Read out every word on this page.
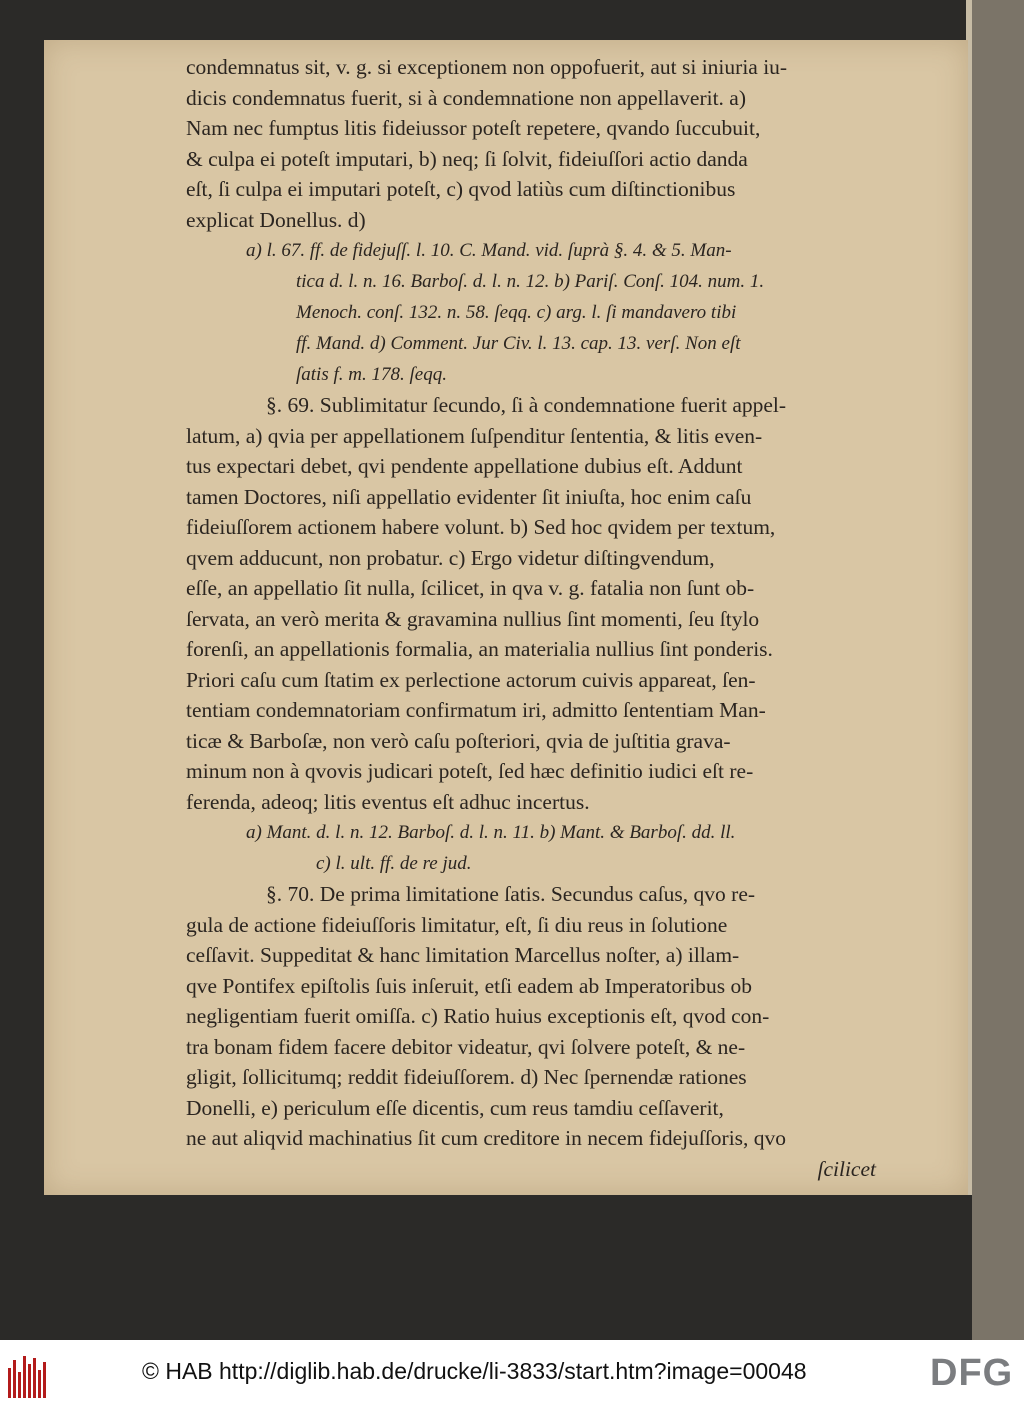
condemnatus sit, v. g. si exceptionem non oppofuerit, aut si iniuria iu-
dicis condemnatus fuerit, si à condemnatione non appellaverit. a)
Nam nec fumptus litis fideiussor poteſt repetere, qvando ſuccubuit,
& culpa ei poteſt imputari, b) neq; ſi ſolvit, fideiuſſori actio danda
eſt, ſi culpa ei imputari poteſt, c) qvod latiùs cum diſtinctionibus
explicat Donellus. d)
a) l. 67. ff. de fidejuſſ. l. 10. C. Mand. vid. ſuprà §. 4. & 5. Man-
tica d. l. n. 16. Barboſ. d. l. n. 12. b) Pariſ. Conſ. 104. num. 1.
Menoch. conſ. 132. n. 58. ſeqq. c) arg. l. ſi mandavero tibi
ff. Mand. d) Comment. Jur Civ. l. 13. cap. 13. verſ. Non eſt
ſatis f. m. 178. ſeqq.
§. 69. Sublimitatur ſecundo, ſi à condemnatione fuerit appel-
latum, a) qvia per appellationem ſuſpenditur ſententia, & litis even-
tus expectari debet, qvi pendente appellatione dubius eſt. Addunt
tamen Doctores, niſi appellatio evidenter ſit iniuſta, hoc enim caſu
fideiuſſorem actionem habere volunt. b) Sed hoc qvidem per textum,
qvem adducunt, non probatur. c) Ergo videtur diſtingvendum,
eſſe, an appellatio ſit nulla, ſcilicet, in qva v. g. fatalia non ſunt ob-
ſervata, an verò merita & gravamina nullius ſint momenti, ſeu ſtylo
forenſi, an appellationis formalia, an materialia nullius ſint ponderis.
Priori caſu cum ſtatim ex perlectione actorum cuivis appareat, ſen-
tentiam condemnatoriam confirmatum iri, admitto ſententiam Man-
ticæ & Barboſæ, non verò caſu poſteriori, qvia de juſtitia grava-
minum non à qvovis judicari poteſt, ſed hæc definitio iudici eſt re-
ferenda, adeoq; litis eventus eſt adhuc incertus.
a) Mant. d. l. n. 12. Barboſ. d. l. n. 11. b) Mant. & Barboſ. dd. ll.
c) l. ult. ff. de re jud.
§. 70. De prima limitatione ſatis. Secundus caſus, qvo re-
gula de actione fideiuſſoris limitatur, eſt, ſi diu reus in ſolutione
ceſſavit. Suppeditat & hanc limitation Marcellus noſter, a) illam-
qve Pontifex epiſtolis ſuis inſeruit, etſi eadem ab Imperatoribus ob
negligentiam fuerit omiſſa. c) Ratio huius exceptionis eſt, qvod con-
tra bonam fidem facere debitor videatur, qvi ſolvere poteſt, & ne-
gligit, ſollicitumq; reddit fideiuſſorem. d) Nec ſpernendæ rationes
Donelli, e) periculum eſſe dicentis, cum reus tamdiu ceſſaverit,
ne aut aliqvid machinatius ſit cum creditore in necem fidejuſſoris, qvo
ſcilicet
© HAB http://diglib.hab.de/drucke/li-3833/start.htm?image=00048	DFG
